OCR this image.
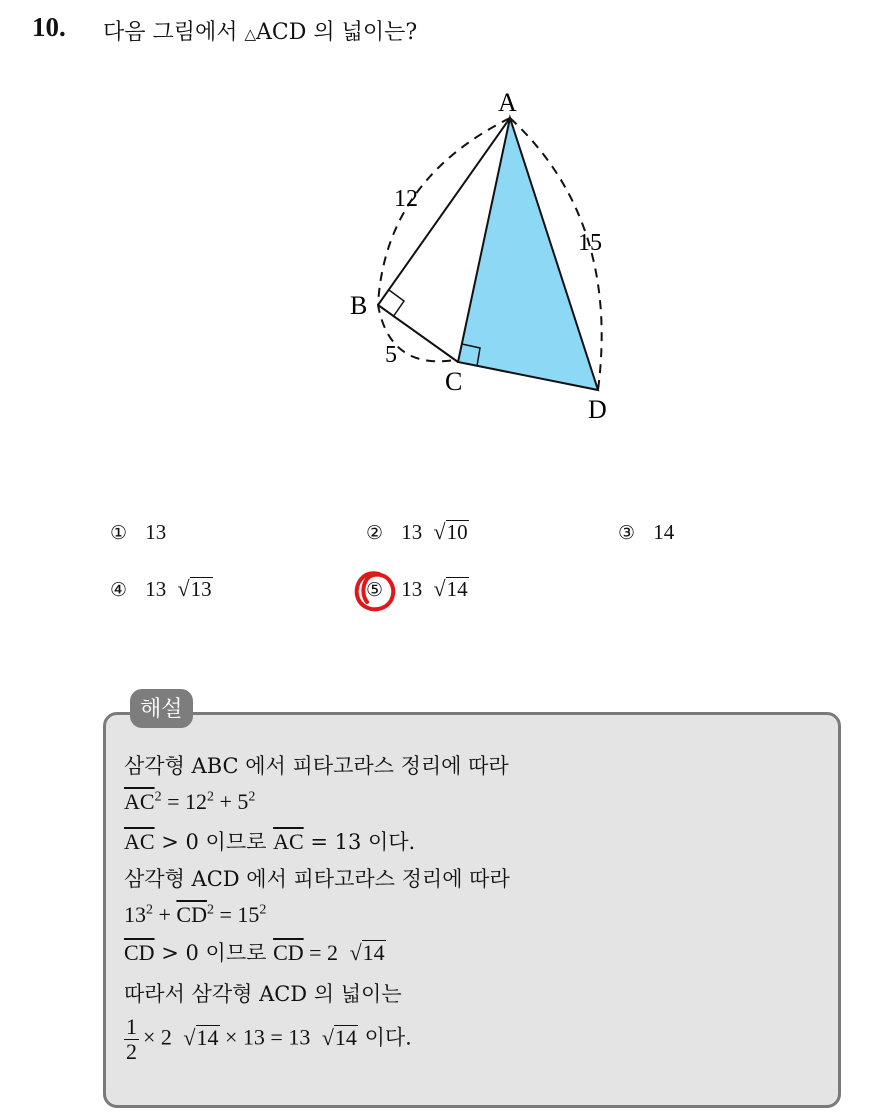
10. 다음 그림에서 △ACD 의 넓이는?
A
B
C
D
12
5
15
① 13	② 13 √ 10	③ 14
④ 13 √ 13	⑤ 13 √ 14
해설
삼각형 ABC 에서 피타고라스 정리에 따라
$\overline{AC}^2 = 12^2 + 5^2$
$\overline{AC} > 0$ 이므로 $\overline{AC} = 13$ 이다.
삼각형 ACD 에서 피타고라스 정리에 따라
$13^2 + \overline{CD}^2 = 15^2$
$\overline{CD} > 0$ 이므로 $\overline{CD} = 2$ √ 14
따라서 삼각형 ACD 의 넓이는
$\frac{1}{2} \times 2$ √ 14 × 13 = 13 √ 14 이다.
